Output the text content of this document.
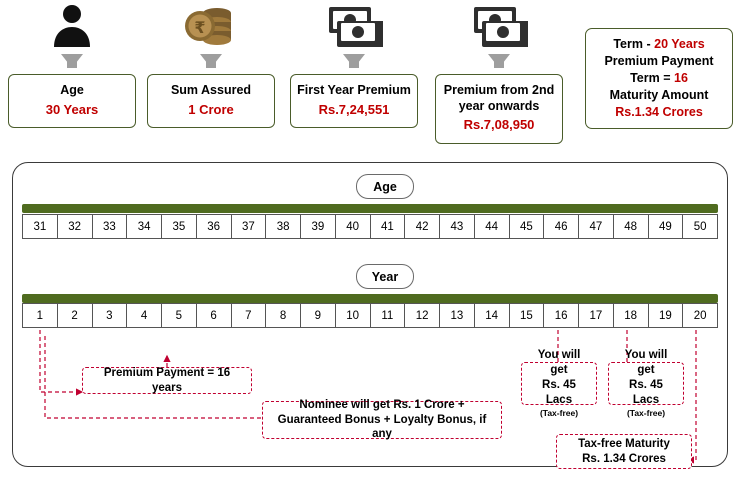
Age
30 Years
₹
Sum Assured
1 Crore
First Year Premium
Rs.7,24,551
Premium from 2nd year onwards
Rs.7,08,950
Term - 20 Years
Premium Payment Term = 16
Maturity Amount
Rs.1.34 Crores
Age
31	32	33	34	35	36	37	38	39	40	41	42	43	44	45	46	47	48	49	50
Year
1	2	3	4	5	6	7	8	9	10	11	12	13	14	15	16	17	18	19	20
Premium Payment = 16 years
Nominee will get Rs. 1 Crore + Guaranteed Bonus + Loyalty Bonus, if any
You will get
Rs. 45 Lacs
(Tax-free)
You will get
Rs. 45 Lacs
(Tax-free)
Tax-free Maturity
Rs. 1.34 Crores
